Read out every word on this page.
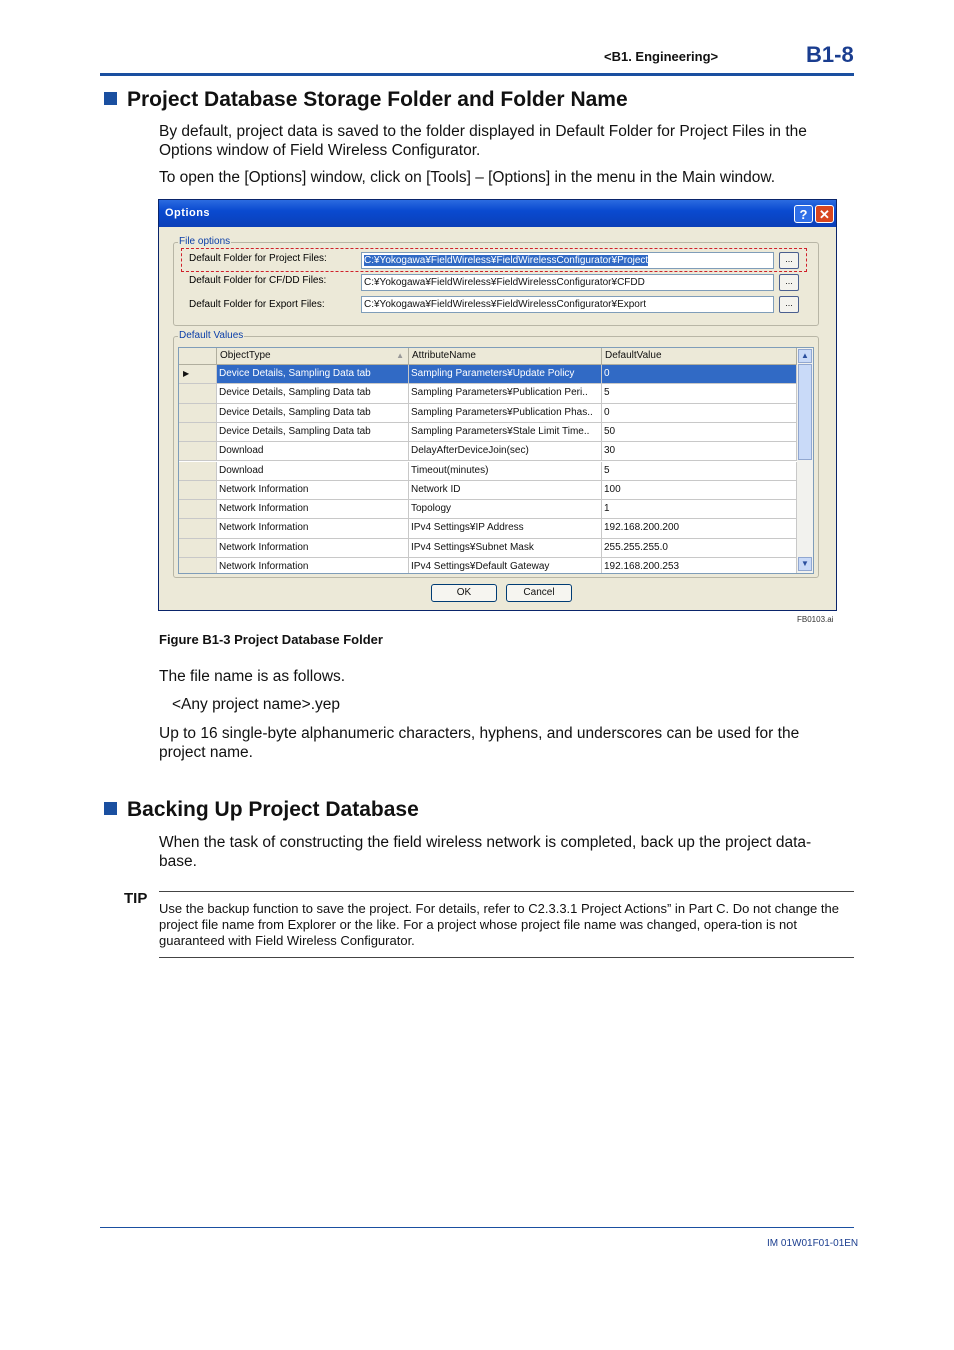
<B1. Engineering>	B1-8
Project Database Storage Folder and Folder Name
By default, project data is saved to the folder displayed in Default Folder for Project Files in the Options window of Field Wireless Configurator.
To open the [Options] window, click on [Tools] – [Options] in the menu in the Main window.
Options	? ✕
File options
Default Folder for Project Files:	C:¥Yokogawa¥FieldWireless¥FieldWirelessConfigurator¥Project	...
Default Folder for CF/DD Files:	C:¥Yokogawa¥FieldWireless¥FieldWirelessConfigurator¥CFDD	...
Default Folder for Export Files:	C:¥Yokogawa¥FieldWireless¥FieldWirelessConfigurator¥Export	...
Default Values
ObjectType	▲ AttributeName	DefaultValue
▶	Device Details, Sampling Data tab	Sampling Parameters¥Update Policy	0
Device Details, Sampling Data tab	Sampling Parameters¥Publication Peri..	5
Device Details, Sampling Data tab	Sampling Parameters¥Publication Phas..	0
Device Details, Sampling Data tab	Sampling Parameters¥Stale Limit Time..	50
Download	DelayAfterDeviceJoin(sec)	30
Download	Timeout(minutes)	5
Network Information	Network ID	100
Network Information	Topology	1
Network Information	IPv4 Settings¥IP Address	192.168.200.200
Network Information	IPv4 Settings¥Subnet Mask	255.255.255.0
Network Information	IPv4 Settings¥Default Gateway	192.168.200.253
▲
▼
OK	Cancel
FB0103.ai
Figure B1-3 Project Database Folder
The file name is as follows.
<Any project name>.yep
Up to 16 single-byte alphanumeric characters, hyphens, and underscores can be used for the project name.
Backing Up Project Database
When the task of constructing the field wireless network is completed, back up the project data-base.
TIP
Use the backup function to save the project. For details, refer to C2.3.3.1 Project Actions” in Part C. Do not change the project file name from Explorer or the like. For a project whose project file name was changed, opera-tion is not guaranteed with Field Wireless Configurator.
IM 01W01F01-01EN
